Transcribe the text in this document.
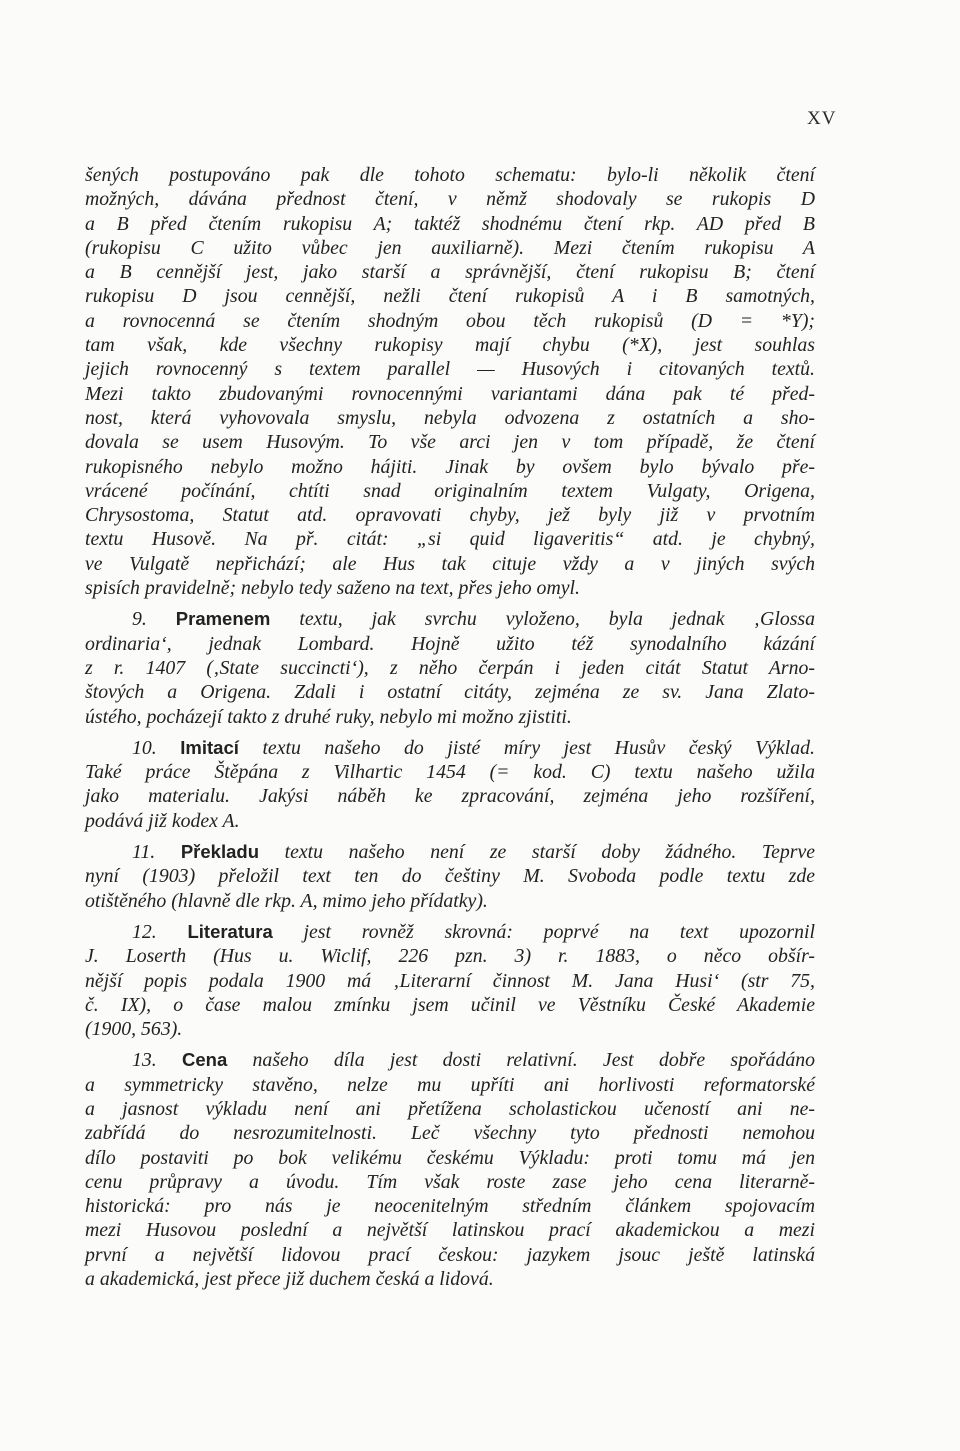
XV
šených postupováno pak dle tohoto schematu: bylo-li několik čtení
možných, dávána přednost čtení, v němž shodovaly se rukopis D
a B před čtením rukopisu A; taktéž shodnému čtení rkp. AD před B
(rukopisu C užito vůbec jen auxiliarně). Mezi čtením rukopisu A
a B cennější jest, jako starší a správnější, čtení rukopisu B; čtení
rukopisu D jsou cennější, nežli čtení rukopisů A i B samotných,
a rovnocenná se čtením shodným obou těch rukopisů (D = *Y);
tam však, kde všechny rukopisy mají chybu (*X), jest souhlas
jejich rovnocenný s textem parallel — Husových i citovaných textů.
Mezi takto zbudovanými rovnocennými variantami dána pak té před-
nost, která vyhovovala smyslu, nebyla odvozena z ostatních a sho-
dovala se usem Husovým. To vše arci jen v tom případě, že čtení
rukopisného nebylo možno hájiti. Jinak by ovšem bylo bývalo pře-
vrácené počínání, chtíti snad originalním textem Vulgaty, Origena,
Chrysostoma, Statut atd. opravovati chyby, jež byly již v prvotním
textu Husově. Na př. citát: „si quid ligaveritis“ atd. je chybný,
ve Vulgatě nepřichází; ale Hus tak cituje vždy a v jiných svých
spisích pravidelně; nebylo tedy saženo na text, přes jeho omyl.
9. Pramenem textu, jak svrchu vyloženo, byla jednak ‚Glossa
ordinaria‘, jednak Lombard. Hojně užito též synodalního kázání
z r. 1407 (‚State succincti‘), z něho čerpán i jeden citát Statut Arno-
štových a Origena. Zdali i ostatní citáty, zejména ze sv. Jana Zlato-
ústého, pocházejí takto z druhé ruky, nebylo mi možno zjistiti.
10. Imitací textu našeho do jisté míry jest Husův český Výklad.
Také práce Štěpána z Vilhartic 1454 (= kod. C) textu našeho užila
jako materialu. Jakýsi náběh ke zpracování, zejména jeho rozšíření,
podává již kodex A.
11. Překladu textu našeho není ze starší doby žádného. Teprve
nyní (1903) přeložil text ten do češtiny M. Svoboda podle textu zde
otištěného (hlavně dle rkp. A, mimo jeho přídatky).
12. Literatura jest rovněž skrovná: poprvé na text upozornil
J. Loserth (Hus u. Wiclif, 226 pzn. 3) r. 1883, o něco obšír-
nější popis podala 1900 má ‚Literarní činnost M. Jana Husi‘ (str 75,
č. IX), o čase malou zmínku jsem učinil ve Věstníku České Akademie
(1900, 563).
13. Cena našeho díla jest dosti relativní. Jest dobře spořádáno
a symmetricky stavěno, nelze mu upříti ani horlivosti reformatorské
a jasnost výkladu není ani přetížena scholastickou učeností ani ne-
zabřídá do nesrozumitelnosti. Leč všechny tyto přednosti nemohou
dílo postaviti po bok velikému českému Výkladu: proti tomu má jen
cenu průpravy a úvodu. Tím však roste zase jeho cena literarně-
historická: pro nás je neocenitelným středním článkem spojovacím
mezi Husovou poslední a největší latinskou prací akademickou a mezi
první a největší lidovou prací českou: jazykem jsouc ještě latinská
a akademická, jest přece již duchem česká a lidová.
